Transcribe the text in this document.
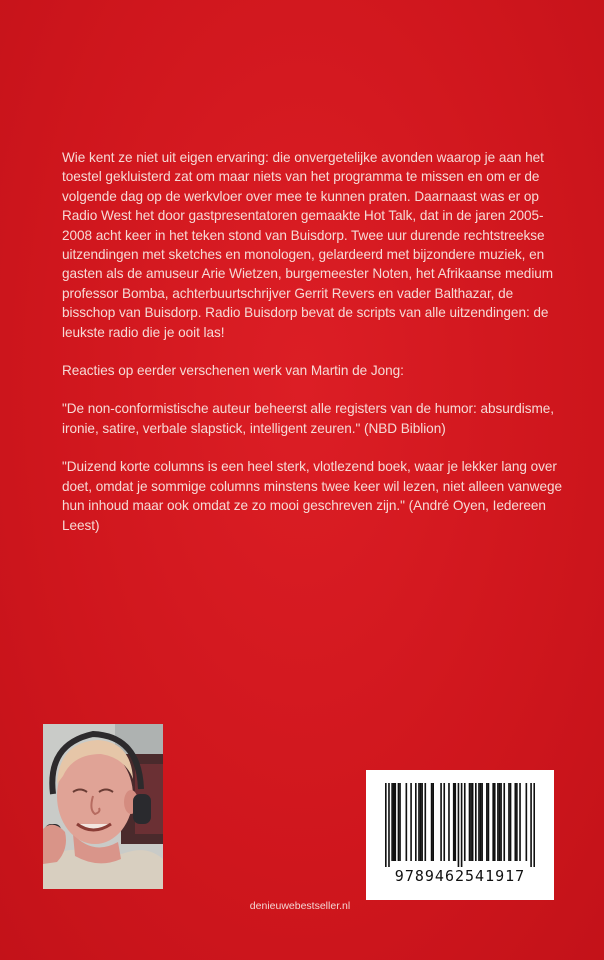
Wie kent ze niet uit eigen ervaring: die onvergetelijke avonden waarop je aan het toestel gekluisterd zat om maar niets van het programma te missen en om er de volgende dag op de werkvloer over mee te kunnen praten. Daarnaast was er op Radio West het door gastpresentatoren gemaakte Hot Talk, dat in de jaren 2005-2008 acht keer in het teken stond van Buisdorp. Twee uur durende rechtstreekse uitzendingen met sketches en monologen, gelardeerd met bijzondere muziek, en gasten als de amuseur Arie Wietzen, burgemeester Noten, het Afrikaanse medium professor Bomba, achterbuurtschrijver Gerrit Revers en vader Balthazar, de bisschop van Buisdorp. Radio Buisdorp bevat de scripts van alle uitzendingen: de leukste radio die je ooit las!

Reacties op eerder verschenen werk van Martin de Jong:

"De non-conformistische auteur beheerst alle registers van de humor: absurdisme, ironie, satire, verbale slapstick, intelligent zeuren." (NBD Biblion)

"Duizend korte columns is een heel sterk, vlotlezend boek, waar je lekker lang over doet, omdat je sommige columns minstens twee keer wil lezen, niet alleen vanwege hun inhoud maar ook omdat ze zo mooi geschreven zijn." (André Oyen, Iedereen Leest)

9789462541917
denieuwebestseller.nl
